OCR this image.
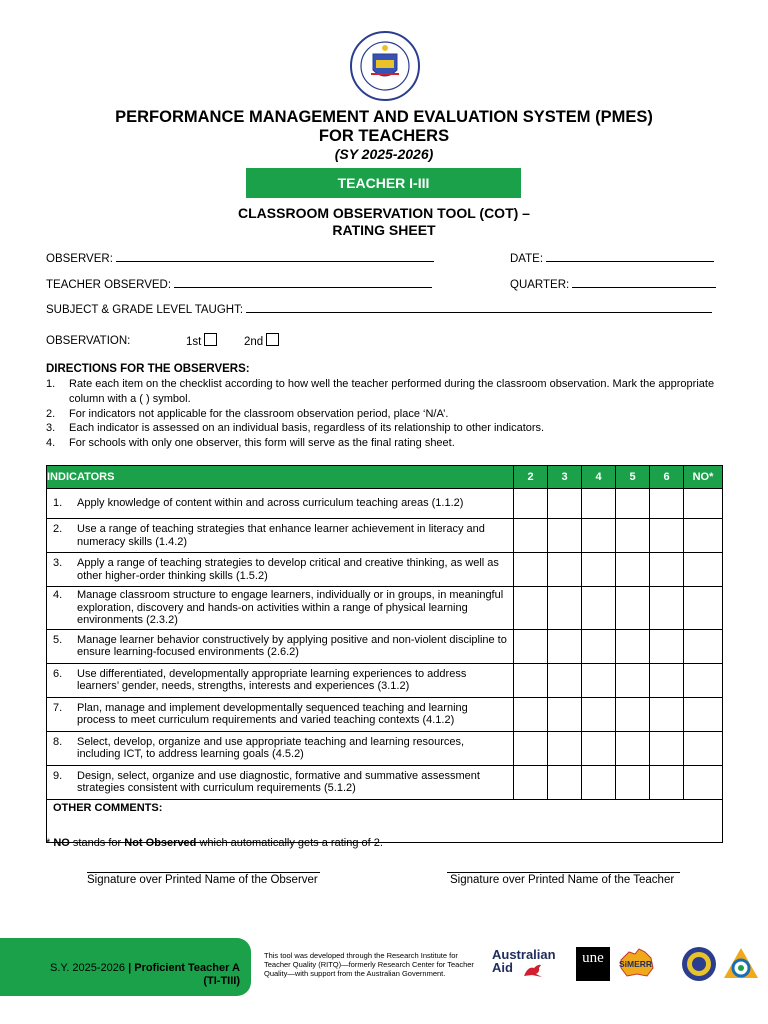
PERFORMANCE MANAGEMENT AND EVALUATION SYSTEM (PMES)
FOR TEACHERS
(SY 2025-2026)
TEACHER I-III
CLASSROOM OBSERVATION TOOL (COT) –
RATING SHEET
OBSERVER:	DATE:
TEACHER OBSERVED:	QUARTER:
SUBJECT & GRADE LEVEL TAUGHT:
OBSERVATION:	1st	2nd
DIRECTIONS FOR THE OBSERVERS:
1. Rate each item on the checklist according to how well the teacher performed during the classroom observation. Mark the appropriate column with a ( ) symbol.
2. For indicators not applicable for the classroom observation period, place ‘N/A’.
3. Each indicator is assessed on an individual basis, regardless of its relationship to other indicators.
4. For schools with only one observer, this form will serve as the final rating sheet.
INDICATORS	2	3	4	5	6	NO*

1. Apply knowledge of content within and across curriculum teaching areas (1.1.2)						

2. Use a range of teaching strategies that enhance learner achievement in literacy and numeracy skills (1.4.2)						

3. Apply a range of teaching strategies to develop critical and creative thinking, as well as other higher-order thinking skills (1.5.2)						

4. Manage classroom structure to engage learners, individually or in groups, in meaningful exploration, discovery and hands-on activities within a range of physical learning environments (2.3.2)						

5. Manage learner behavior constructively by applying positive and non-violent discipline to ensure learning-focused environments (2.6.2)						

6. Use differentiated, developmentally appropriate learning experiences to address learners’ gender, needs, strengths, interests and experiences (3.1.2)						

7. Plan, manage and implement developmentally sequenced teaching and learning process to meet curriculum requirements and varied teaching contexts (4.1.2)						

8. Select, develop, organize and use appropriate teaching and learning resources, including ICT, to address learning goals (4.5.2)						

9. Design, select, organize and use diagnostic, formative and summative assessment strategies consistent with curriculum requirements (5.1.2)						

OTHER COMMENTS:						
* NO stands for Not Observed which automatically gets a rating of 2.
Signature over Printed Name of the Observer	Signature over Printed Name of the Teacher
S.Y. 2025-2026 | Proficient Teacher A
(TI-TIII)
This tool was developed through the Research Institute for Teacher Quality (RITQ)—formerly Research Center for Teacher Quality—with support from the Australian Government.
Australian
Aid
une	SiMERR
